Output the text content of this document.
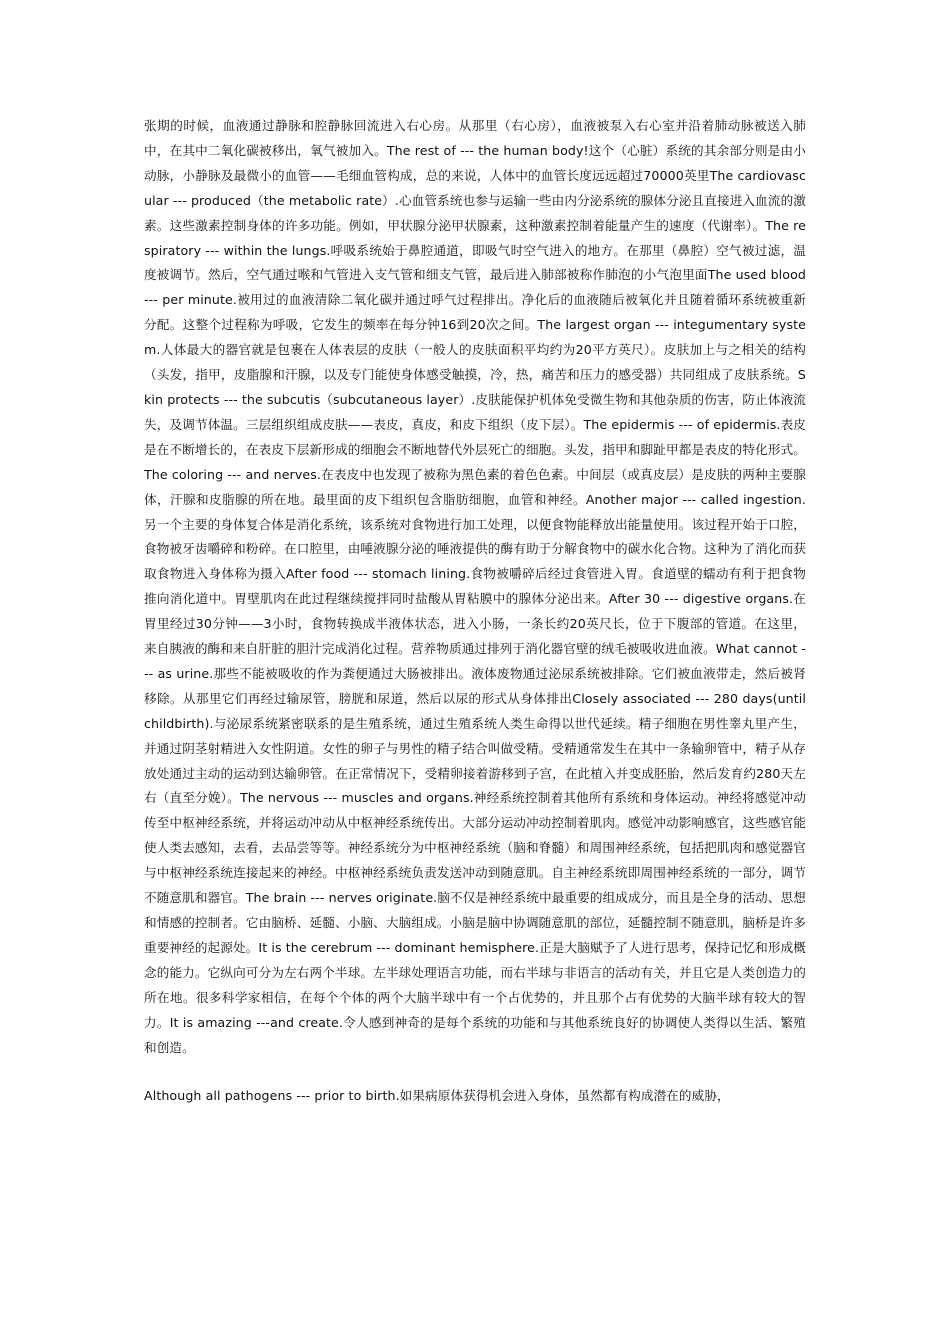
张期的时候，血液通过静脉和腔静脉回流进入右心房。从那里（右心房），血液被泵入右心室并沿着肺动脉被送入肺中，在其中二氧化碳被移出，氧气被加入。The rest of --- the human body!这个（心脏）系统的其余部分则是由小动脉，小静脉及最微小的血管——毛细血管构成，总的来说，人体中的血管长度远远超过70000英里The cardiovascular --- produced（the metabolic rate）.心血管系统也参与运输一些由内分泌系统的腺体分泌且直接进入血流的激素。这些激素控制身体的许多功能。例如，甲状腺分泌甲状腺素，这种激素控制着能量产生的速度（代谢率）。The respiratory --- within the lungs.呼吸系统始于鼻腔通道，即吸气时空气进入的地方。在那里（鼻腔）空气被过滤，温度被调节。然后，空气通过喉和气管进入支气管和细支气管，最后进入肺部被称作肺泡的小气泡里面The used blood --- per minute.被用过的血液清除二氧化碳并通过呼气过程排出。净化后的血液随后被氧化并且随着循环系统被重新分配。这整个过程称为呼吸，它发生的频率在每分钟16到20次之间。The largest organ --- integumentary system.人体最大的器官就是包裹在人体表层的皮肤（一般人的皮肤面积平均约为20平方英尺）。皮肤加上与之相关的结构（头发，指甲，皮脂腺和汗腺，以及专门能使身体感受触摸，冷，热，痛苦和压力的感受器）共同组成了皮肤系统。Skin protects --- the subcutis（subcutaneous layer）.皮肤能保护机体免受微生物和其他杂质的伤害，防止体液流失，及调节体温。三层组织组成皮肤——表皮，真皮，和皮下组织（皮下层）。The epidermis --- of epidermis.表皮是在不断增长的，在表皮下层新形成的细胞会不断地替代外层死亡的细胞。头发，指甲和脚趾甲都是表皮的特化形式。The coloring --- and nerves.在表皮中也发现了被称为黑色素的着色色素。中间层（或真皮层）是皮肤的两种主要腺体，汗腺和皮脂腺的所在地。最里面的皮下组织包含脂肪细胞，血管和神经。Another major --- called ingestion.另一个主要的身体复合体是消化系统，该系统对食物进行加工处理，以便食物能释放出能量使用。该过程开始于口腔，食物被牙齿嚼碎和粉碎。在口腔里，由唾液腺分泌的唾液提供的酶有助于分解食物中的碳水化合物。这种为了消化而获取食物进入身体称为摄入After food --- stomach lining.食物被嚼碎后经过食管进入胃。食道壁的蠕动有利于把食物推向消化道中。胃壁肌肉在此过程继续搅拌同时盐酸从胃粘膜中的腺体分泌出来。After 30 --- digestive organs.在胃里经过30分钟——3小时，食物转换成半液体状态，进入小肠，一条长约20英尺长，位于下腹部的管道。在这里，来自胰液的酶和来自肝脏的胆汁完成消化过程。营养物质通过排列于消化器官壁的绒毛被吸收进血液。What cannot --- as urine.那些不能被吸收的作为粪便通过大肠被排出。液体废物通过泌尿系统被排除。它们被血液带走，然后被肾移除。从那里它们再经过输尿管，膀胱和尿道，然后以尿的形式从身体排出Closely associated --- 280 days(until childbirth).与泌尿系统紧密联系的是生殖系统，通过生殖系统人类生命得以世代延续。精子细胞在男性睾丸里产生，并通过阴茎射精进入女性阴道。女性的卵子与男性的精子结合叫做受精。受精通常发生在其中一条输卵管中，精子从存放处通过主动的运动到达输卵管。在正常情况下，受精卵接着游移到子宫，在此植入并变成胚胎，然后发育约280天左右（直至分娩）。The nervous --- muscles and organs.神经系统控制着其他所有系统和身体运动。神经将感觉冲动传至中枢神经系统，并将运动冲动从中枢神经系统传出。大部分运动冲动控制着肌肉。感觉冲动影响感官，这些感官能使人类去感知，去看，去品尝等等。神经系统分为中枢神经系统（脑和脊髓）和周围神经系统，包括把肌肉和感觉器官与中枢神经系统连接起来的神经。中枢神经系统负责发送冲动到随意肌。自主神经系统即周围神经系统的一部分，调节不随意肌和器官。The brain --- nerves originate.脑不仅是神经系统中最重要的组成成分，而且是全身的活动、思想和情感的控制者。它由脑桥、延髓、小脑、大脑组成。小脑是脑中协调随意肌的部位，延髓控制不随意肌，脑桥是许多重要神经的起源处。It is the cerebrum --- dominant hemisphere.正是大脑赋予了人进行思考，保持记忆和形成概念的能力。它纵向可分为左右两个半球。左半球处理语言功能，而右半球与非语言的活动有关，并且它是人类创造力的所在地。很多科学家相信，在每个个体的两个大脑半球中有一个占优势的，并且那个占有优势的大脑半球有较大的智力。It is amazing ---and create.令人感到神奇的是每个系统的功能和与其他系统良好的协调使人类得以生活、繁殖和创造。

Although all pathogens --- prior to birth.如果病原体获得机会进入身体，虽然都有构成潜在的威胁，
